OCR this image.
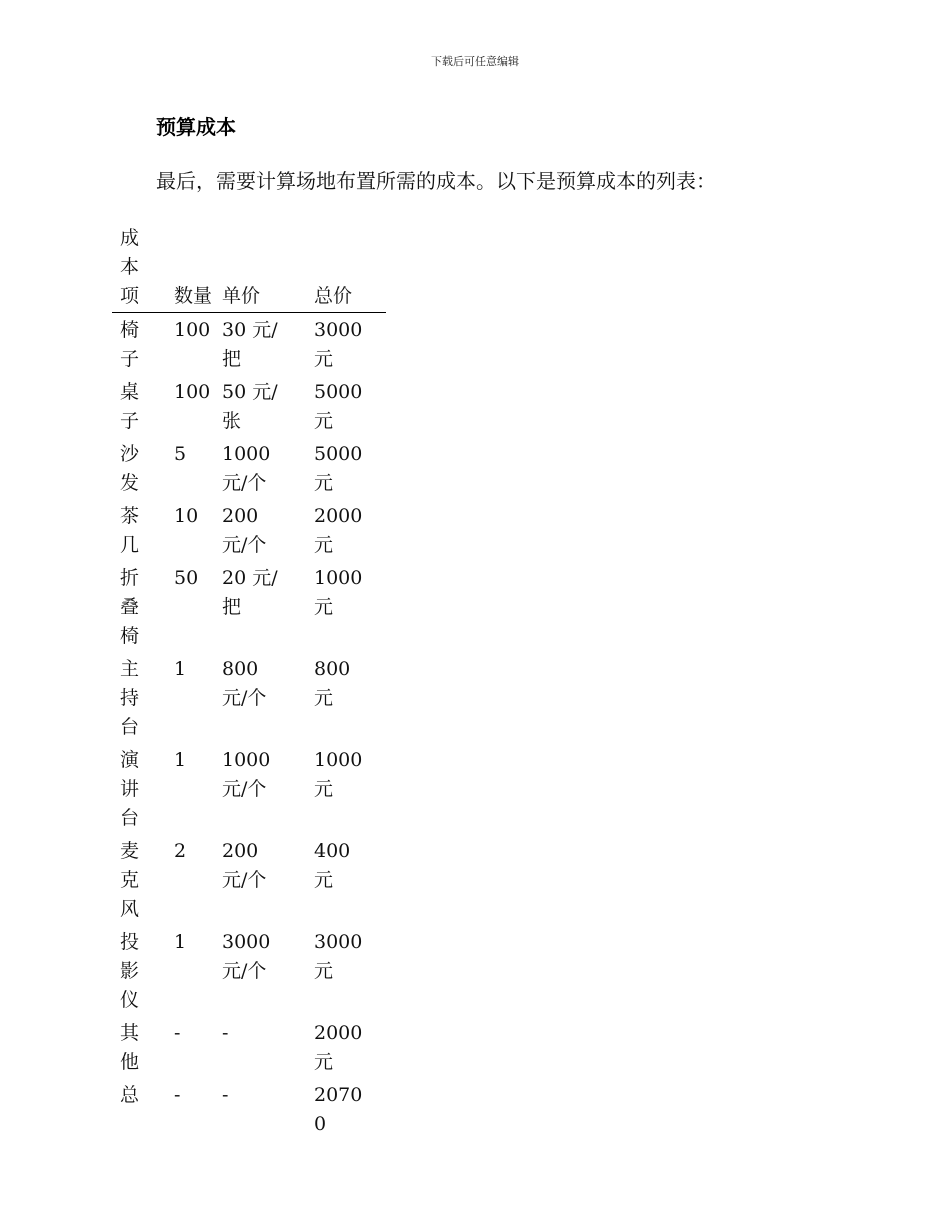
下载后可任意编辑
预算成本
最后，需要计算场地布置所需的成本。以下是预算成本的列表：
成本项	数量	单价	总价
椅子	100	30 元/把	3000 元
桌子	100	50 元/张	5000 元
沙发	5	1000 元/个	5000 元
茶几	10	200 元/个	2000 元
折叠椅	50	20 元/把	1000 元
主持台	1	800 元/个	800 元
演讲台	1	1000 元/个	1000 元
麦克风	2	200 元/个	400 元
投影仪	1	3000 元/个	3000 元
其他	-	-	2000 元
总	-	-	20700
